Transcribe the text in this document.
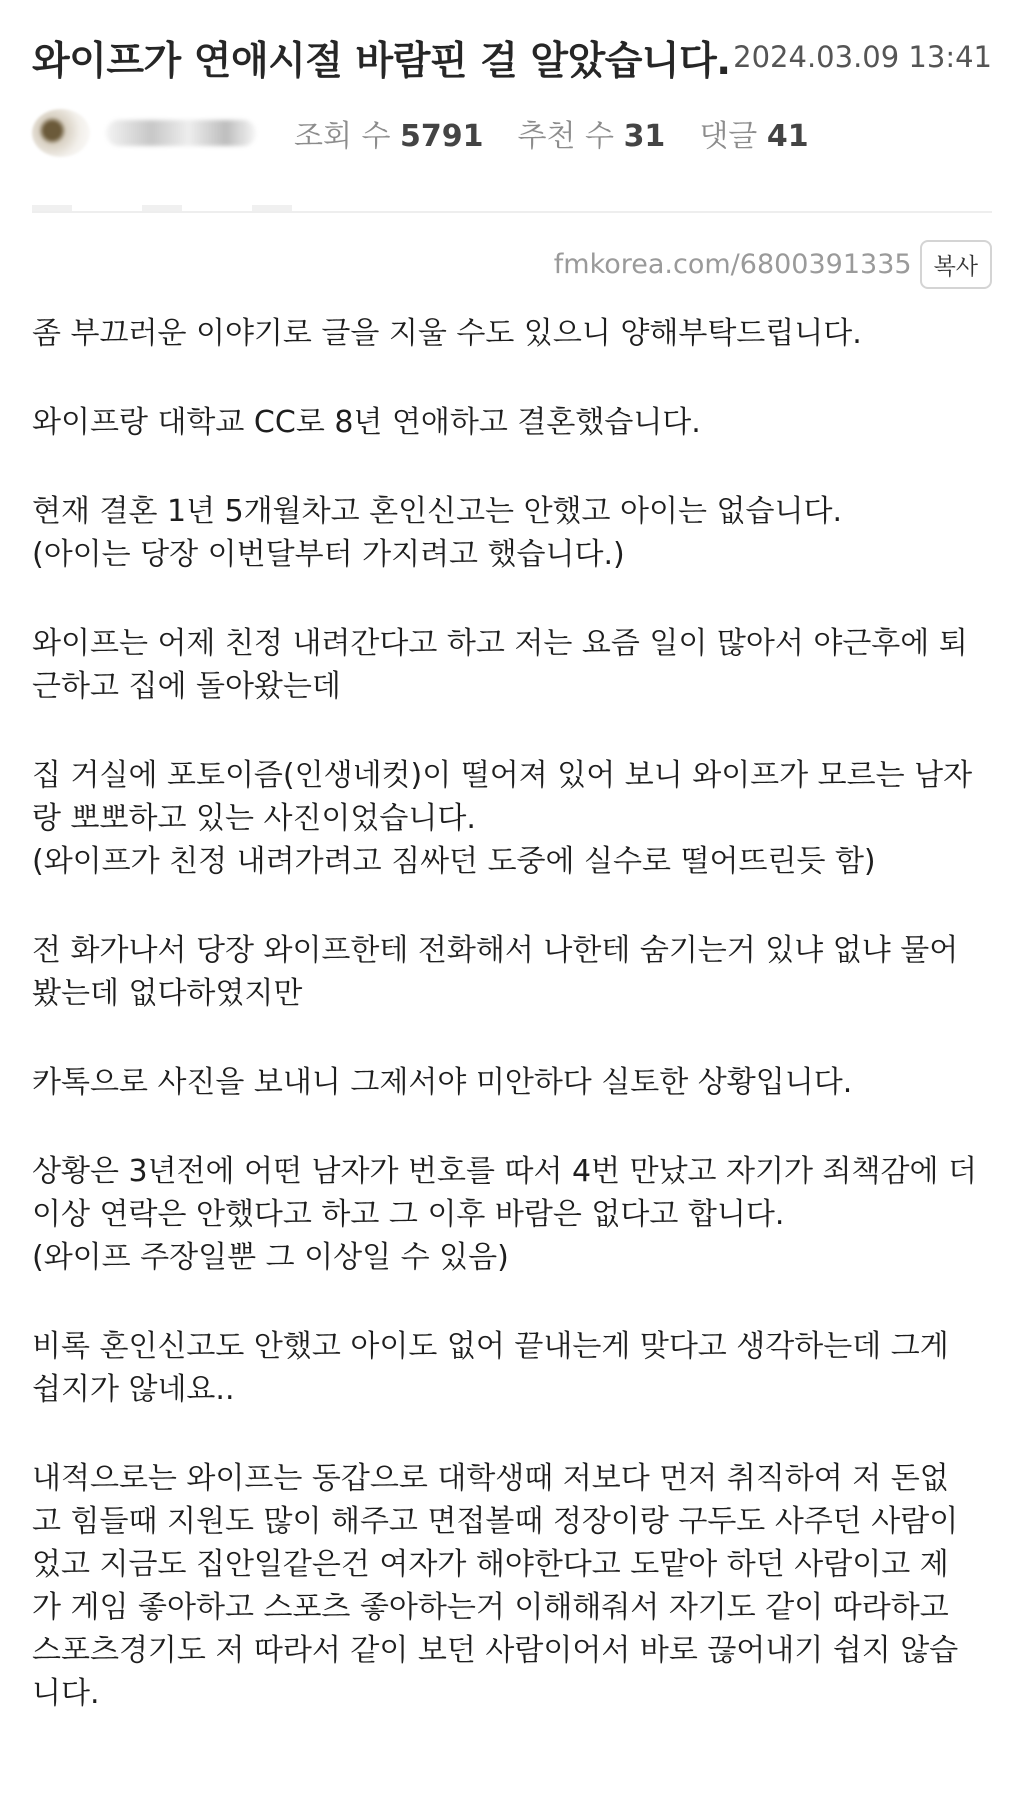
와이프가 연애시절 바람핀 걸 알았습니다. 2024.03.09 13:41
조회 수 5791 추천 수 31 댓글 41
fmkorea.com/6800391335 복사
좀 부끄러운 이야기로 글을 지울 수도 있으니 양해부탁드립니다.
와이프랑 대학교 CC로 8년 연애하고 결혼했습니다.
현재 결혼 1년 5개월차고 혼인신고는 안했고 아이는 없습니다.
(아이는 당장 이번달부터 가지려고 했습니다.)
와이프는 어제 친정 내려간다고 하고 저는 요즘 일이 많아서 야근후에 퇴
근하고 집에 돌아왔는데
집 거실에 포토이즘(인생네컷)이 떨어져 있어 보니 와이프가 모르는 남자
랑 뽀뽀하고 있는 사진이었습니다.
(와이프가 친정 내려가려고 짐싸던 도중에 실수로 떨어뜨린듯 함)
전 화가나서 당장 와이프한테 전화해서 나한테 숨기는거 있냐 없냐 물어
봤는데 없다하였지만
카톡으로 사진을 보내니 그제서야 미안하다 실토한 상황입니다.
상황은 3년전에 어떤 남자가 번호를 따서 4번 만났고 자기가 죄책감에 더
이상 연락은 안했다고 하고 그 이후 바람은 없다고 합니다.
(와이프 주장일뿐 그 이상일 수 있음)
비록 혼인신고도 안했고 아이도 없어 끝내는게 맞다고 생각하는데 그게
쉽지가 않네요..
내적으로는 와이프는 동갑으로 대학생때 저보다 먼저 취직하여 저 돈없
고 힘들때 지원도 많이 해주고 면접볼때 정장이랑 구두도 사주던 사람이
었고 지금도 집안일같은건 여자가 해야한다고 도맡아 하던 사람이고 제
가 게임 좋아하고 스포츠 좋아하는거 이해해줘서 자기도 같이 따라하고
스포츠경기도 저 따라서 같이 보던 사람이어서 바로 끊어내기 쉽지 않습
니다.
